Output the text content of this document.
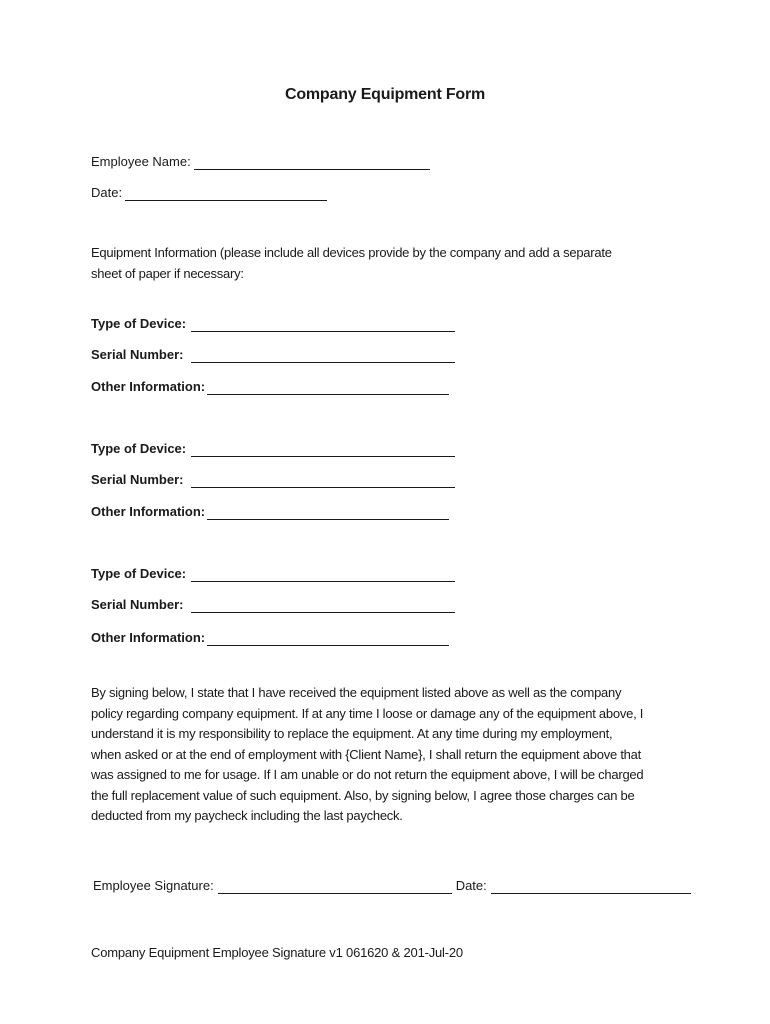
Company Equipment Form
Employee Name:
Date:
Equipment Information (please include all devices provide by the company and add a separate
sheet of paper if necessary:
Type of Device:
Serial Number:
Other Information:
Type of Device:
Serial Number:
Other Information:
Type of Device:
Serial Number:
Other Information:
By signing below, I state that I have received the equipment listed above as well as the company
policy regarding company equipment. If at any time I loose or damage any of the equipment above, I
understand it is my responsibility to replace the equipment. At any time during my employment,
when asked or at the end of employment with {Client Name}, I shall return the equipment above that
was assigned to me for usage. If I am unable or do not return the equipment above, I will be charged
the full replacement value of such equipment. Also, by signing below, I agree those charges can be
deducted from my paycheck including the last paycheck.
Employee Signature:	Date:
Company Equipment Employee Signature v1 061620 & 201-Jul-20
